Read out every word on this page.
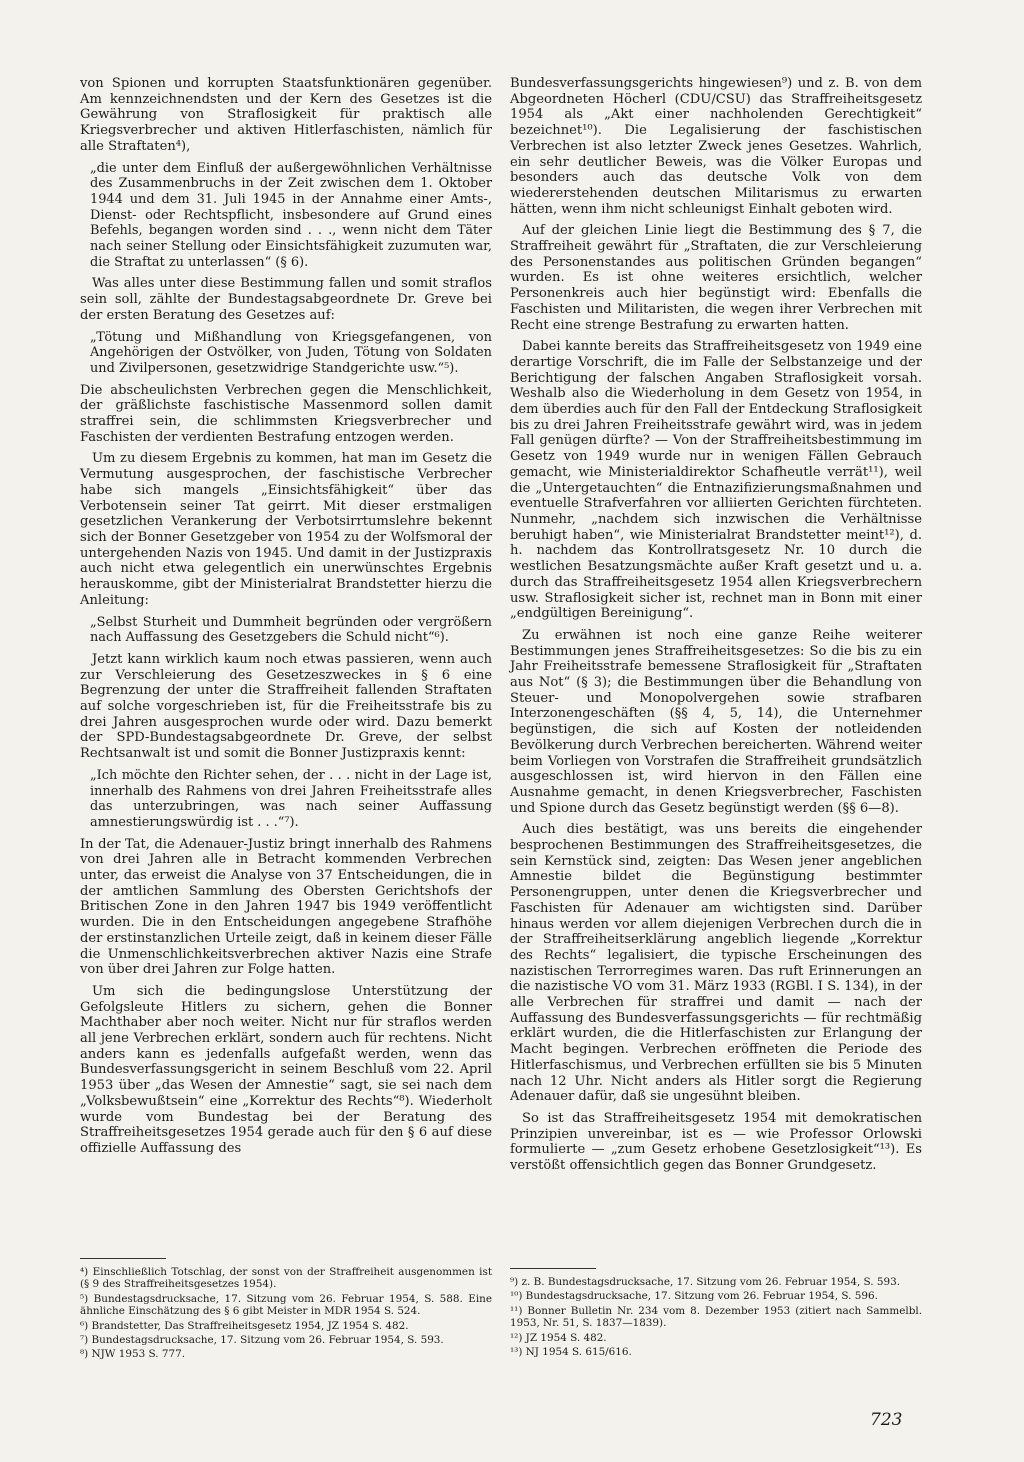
von Spionen und korrupten Staatsfunktionären gegenüber. Am kennzeichnendsten und der Kern des Gesetzes ist die Gewährung von Straflosigkeit für praktisch alle Kriegsverbrecher und aktiven Hitlerfaschisten, nämlich für alle Straftaten⁴),

„die unter dem Einfluß der außergewöhnlichen Verhältnisse des Zusammenbruchs in der Zeit zwischen dem 1. Oktober 1944 und dem 31. Juli 1945 in der Annahme einer Amts-, Dienst- oder Rechtspflicht, insbesondere auf Grund eines Befehls, begangen worden sind . . ., wenn nicht dem Täter nach seiner Stellung oder Einsichtsfähigkeit zuzumuten war, die Straftat zu unterlassen“ (§ 6).

Was alles unter diese Bestimmung fallen und somit straflos sein soll, zählte der Bundestagsabgeordnete Dr. Greve bei der ersten Beratung des Gesetzes auf:

„Tötung und Mißhandlung von Kriegsgefangenen, von Angehörigen der Ostvölker, von Juden, Tötung von Soldaten und Zivilpersonen, gesetzwidrige Standgerichte usw.“⁵).

Die abscheulichsten Verbrechen gegen die Menschlichkeit, der gräßlichste faschistische Massenmord sollen damit straffrei sein, die schlimmsten Kriegsverbrecher und Faschisten der verdienten Bestrafung entzogen werden.

Um zu diesem Ergebnis zu kommen, hat man im Gesetz die Vermutung ausgesprochen, der faschistische Verbrecher habe sich mangels „Einsichtsfähigkeit“ über das Verbotensein seiner Tat geirrt. Mit dieser erstmaligen gesetzlichen Verankerung der Verbotsirrtumslehre bekennt sich der Bonner Gesetzgeber von 1954 zu der Wolfsmoral der untergehenden Nazis von 1945. Und damit in der Justizpraxis auch nicht etwa gelegentlich ein unerwünschtes Ergebnis herauskomme, gibt der Ministerialrat Brandstetter hierzu die Anleitung:

„Selbst Sturheit und Dummheit begründen oder vergrößern nach Auffassung des Gesetzgebers die Schuld nicht“⁶).

Jetzt kann wirklich kaum noch etwas passieren, wenn auch zur Verschleierung des Gesetzeszweckes in § 6 eine Begrenzung der unter die Straffreiheit fallenden Straftaten auf solche vorgeschrieben ist, für die Freiheitsstrafe bis zu drei Jahren ausgesprochen wurde oder wird. Dazu bemerkt der SPD-Bundestagsabgeordnete Dr. Greve, der selbst Rechtsanwalt ist und somit die Bonner Justizpraxis kennt:

„Ich möchte den Richter sehen, der . . . nicht in der Lage ist, innerhalb des Rahmens von drei Jahren Freiheitsstrafe alles das unterzubringen, was nach seiner Auffassung amnestierungswürdig ist . . .“⁷).

In der Tat, die Adenauer-Justiz bringt innerhalb des Rahmens von drei Jahren alle in Betracht kommenden Verbrechen unter, das erweist die Analyse von 37 Entscheidungen, die in der amtlichen Sammlung des Obersten Gerichtshofs der Britischen Zone in den Jahren 1947 bis 1949 veröffentlicht wurden. Die in den Entscheidungen angegebene Strafhöhe der erstinstanzlichen Urteile zeigt, daß in keinem dieser Fälle die Unmenschlichkeitsverbrechen aktiver Nazis eine Strafe von über drei Jahren zur Folge hatten.

Um sich die bedingungslose Unterstützung der Gefolgsleute Hitlers zu sichern, gehen die Bonner Machthaber aber noch weiter. Nicht nur für straflos werden all jene Verbrechen erklärt, sondern auch für rechtens. Nicht anders kann es jedenfalls aufgefaßt werden, wenn das Bundesverfassungsgericht in seinem Beschluß vom 22. April 1953 über „das Wesen der Amnestie“ sagt, sie sei nach dem „Volksbewußtsein“ eine „Korrektur des Rechts“⁸). Wiederholt wurde vom Bundestag bei der Beratung des Straffreiheitsgesetzes 1954 gerade auch für den § 6 auf diese offizielle Auffassung des

Bundesverfassungsgerichts hingewiesen⁹) und z. B. von dem Abgeordneten Höcherl (CDU/CSU) das Straffreiheitsgesetz 1954 als „Akt einer nachholenden Gerechtigkeit“ bezeichnet¹⁰). Die Legalisierung der faschistischen Verbrechen ist also letzter Zweck jenes Gesetzes. Wahrlich, ein sehr deutlicher Beweis, was die Völker Europas und besonders auch das deutsche Volk von dem wiedererstehenden deutschen Militarismus zu erwarten hätten, wenn ihm nicht schleunigst Einhalt geboten wird.

Auf der gleichen Linie liegt die Bestimmung des § 7, die Straffreiheit gewährt für „Straftaten, die zur Verschleierung des Personenstandes aus politischen Gründen begangen“ wurden. Es ist ohne weiteres ersichtlich, welcher Personenkreis auch hier begünstigt wird: Ebenfalls die Faschisten und Militaristen, die wegen ihrer Verbrechen mit Recht eine strenge Bestrafung zu erwarten hatten.

Dabei kannte bereits das Straffreiheitsgesetz von 1949 eine derartige Vorschrift, die im Falle der Selbstanzeige und der Berichtigung der falschen Angaben Straflosigkeit vorsah. Weshalb also die Wiederholung in dem Gesetz von 1954, in dem überdies auch für den Fall der Entdeckung Straflosigkeit bis zu drei Jahren Freiheitsstrafe gewährt wird, was in jedem Fall genügen dürfte? — Von der Straffreiheitsbestimmung im Gesetz von 1949 wurde nur in wenigen Fällen Gebrauch gemacht, wie Ministerialdirektor Schafheutle verrät¹¹), weil die „Untergetauchten“ die Entnazifizierungsmaßnahmen und eventuelle Strafverfahren vor alliierten Gerichten fürchteten. Nunmehr, „nachdem sich inzwischen die Verhältnisse beruhigt haben“, wie Ministerialrat Brandstetter meint¹²), d. h. nachdem das Kontrollratsgesetz Nr. 10 durch die westlichen Besatzungsmächte außer Kraft gesetzt und u. a. durch das Straffreiheitsgesetz 1954 allen Kriegsverbrechern usw. Straflosigkeit sicher ist, rechnet man in Bonn mit einer „endgültigen Bereinigung“.

Zu erwähnen ist noch eine ganze Reihe weiterer Bestimmungen jenes Straffreiheitsgesetzes: So die bis zu ein Jahr Freiheitsstrafe bemessene Straflosigkeit für „Straftaten aus Not“ (§ 3); die Bestimmungen über die Behandlung von Steuer- und Monopolvergehen sowie strafbaren Interzonengeschäften (§§ 4, 5, 14), die Unternehmer begünstigen, die sich auf Kosten der notleidenden Bevölkerung durch Verbrechen bereicherten. Während weiter beim Vorliegen von Vorstrafen die Straffreiheit grundsätzlich ausgeschlossen ist, wird hiervon in den Fällen eine Ausnahme gemacht, in denen Kriegsverbrecher, Faschisten und Spione durch das Gesetz begünstigt werden (§§ 6—8).

Auch dies bestätigt, was uns bereits die eingehender besprochenen Bestimmungen des Straffreiheitsgesetzes, die sein Kernstück sind, zeigten: Das Wesen jener angeblichen Amnestie bildet die Begünstigung bestimmter Personengruppen, unter denen die Kriegsverbrecher und Faschisten für Adenauer am wichtigsten sind. Darüber hinaus werden vor allem diejenigen Verbrechen durch die in der Straffreiheitserklärung angeblich liegende „Korrektur des Rechts“ legalisiert, die typische Erscheinungen des nazistischen Terrorregimes waren. Das ruft Erinnerungen an die nazistische VO vom 31. März 1933 (RGBl. I S. 134), in der alle Verbrechen für straffrei und damit — nach der Auffassung des Bundesverfassungsgerichts — für rechtmäßig erklärt wurden, die die Hitlerfaschisten zur Erlangung der Macht begingen. Verbrechen eröffneten die Periode des Hitlerfaschismus, und Verbrechen erfüllten sie bis 5 Minuten nach 12 Uhr. Nicht anders als Hitler sorgt die Regierung Adenauer dafür, daß sie ungesühnt bleiben.

So ist das Straffreiheitsgesetz 1954 mit demokratischen Prinzipien unvereinbar, ist es — wie Professor Orlowski formulierte — „zum Gesetz erhobene Gesetzlosigkeit“¹³). Es verstößt offensichtlich gegen das Bonner Grundgesetz.

⁴) Einschließlich Totschlag, der sonst von der Straffreiheit ausgenommen ist (§ 9 des Straffreiheitsgesetzes 1954).
⁵) Bundestagsdrucksache, 17. Sitzung vom 26. Februar 1954, S. 588. Eine ähnliche Einschätzung des § 6 gibt Meister in MDR 1954 S. 524.
⁶) Brandstetter, Das Straffreiheitsgesetz 1954, JZ 1954 S. 482.
⁷) Bundestagsdrucksache, 17. Sitzung vom 26. Februar 1954, S. 593.
⁸) NJW 1953 S. 777.
⁹) z. B. Bundestagsdrucksache, 17. Sitzung vom 26. Februar 1954, S. 593.
¹⁰) Bundestagsdrucksache, 17. Sitzung vom 26. Februar 1954, S. 596.
¹¹) Bonner Bulletin Nr. 234 vom 8. Dezember 1953 (zitiert nach Sammelbl. 1953, Nr. 51, S. 1837—1839).
¹²) JZ 1954 S. 482.
¹³) NJ 1954 S. 615/616.
723
